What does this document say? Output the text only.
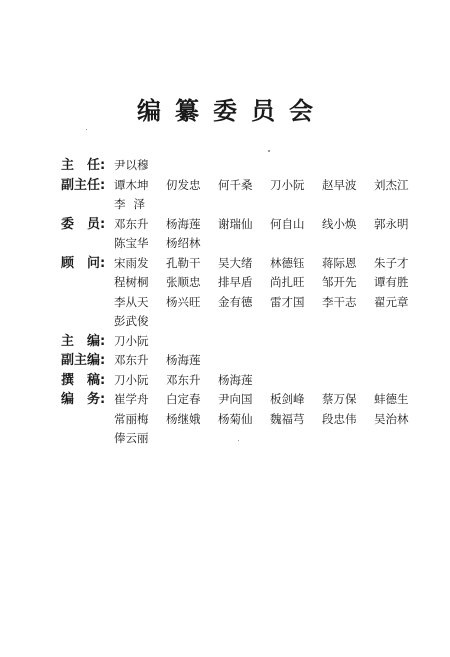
编纂委员会
主任: 尹以穆
副主任: 谭木坤	仞发忠	何千桑	刀小阮	赵早波	刘杰江
李泽
委员: 邓东升	杨海莲	谢瑞仙	何自山	线小焕	郭永明
陈宝华	杨绍林
顾问: 宋雨发	孔勒干	吴大绪	林德钰	蒋际恩	朱子才
程树桐	张顺忠	排早盾	尚扎旺	邹开先	谭有胜
李从天	杨兴旺	金有德	雷才国	李干志	翟元章
彭武俊
主编: 刀小阮
副主编: 邓东升	杨海莲
撰稿: 刀小阮	邓东升	杨海莲
编务: 崔学舟	白定春	尹向国	板剑峰	蔡万保	蚌德生
常丽梅	杨继娥	杨菊仙	魏福芎	段忠伟	吴治林
俸云丽
